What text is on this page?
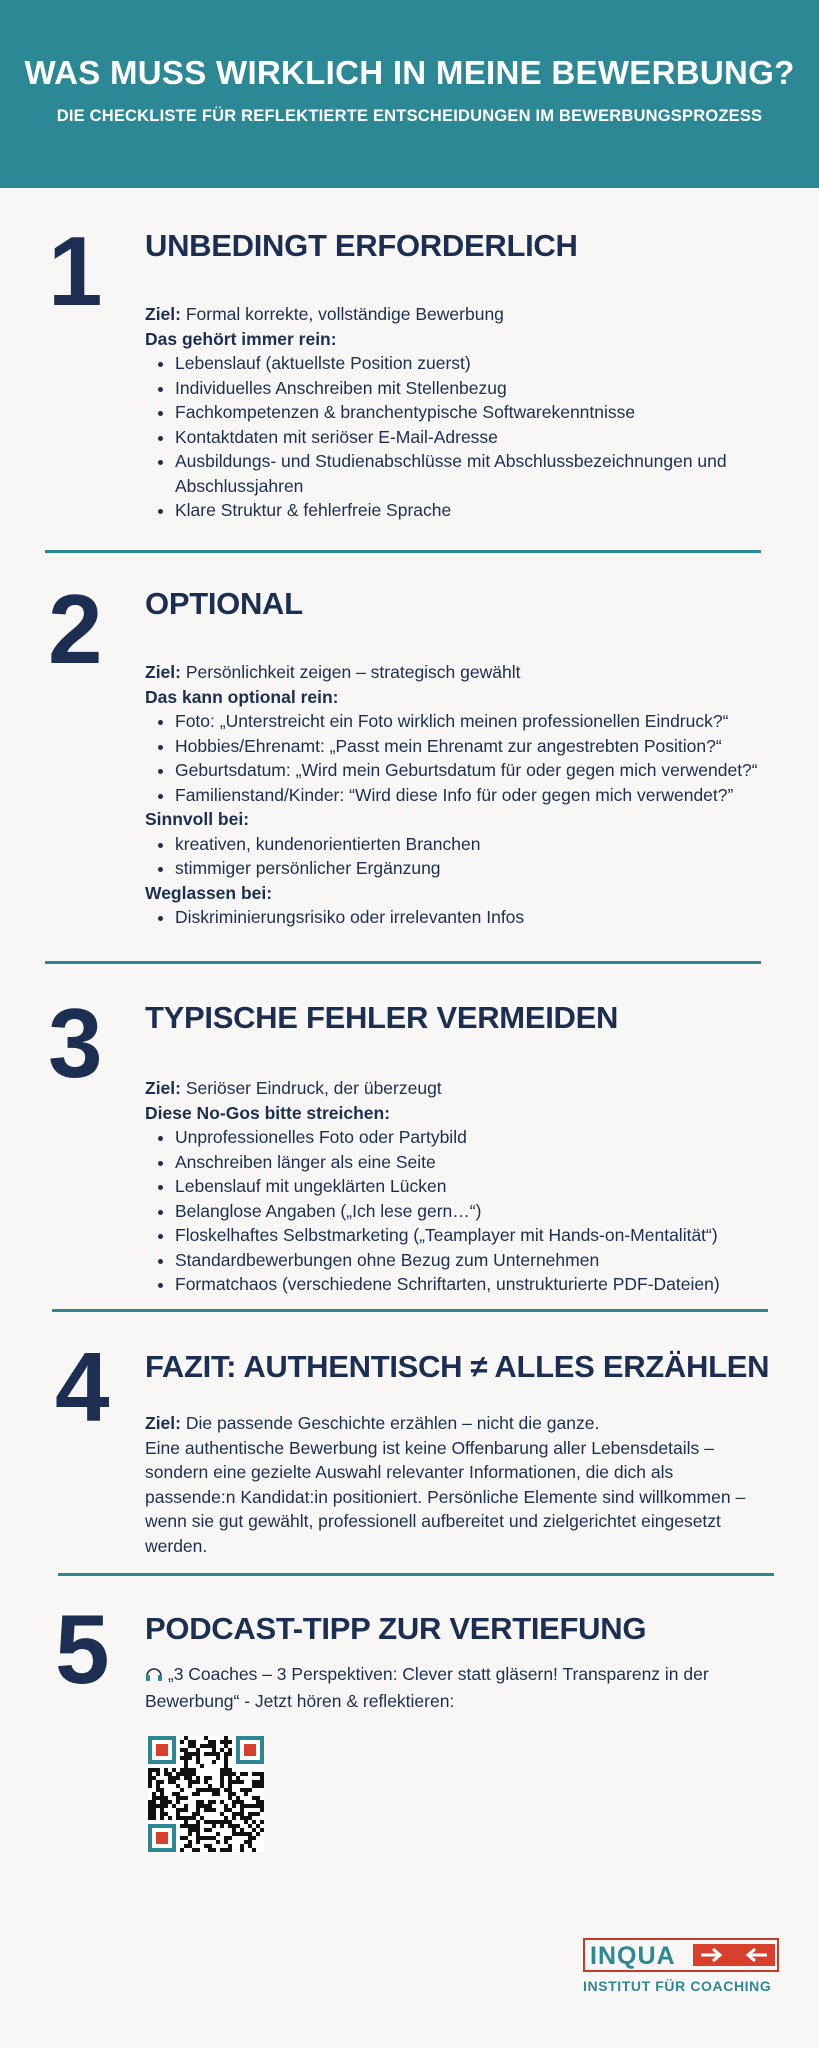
WAS MUSS WIRKLICH IN MEINE BEWERBUNG?
DIE CHECKLISTE FÜR REFLEKTIERTE ENTSCHEIDUNGEN IM BEWERBUNGSPROZESS
1 UNBEDINGT ERFORDERLICH
Ziel: Formal korrekte, vollständige Bewerbung
Das gehört immer rein:
• Lebenslauf (aktuellste Position zuerst)
• Individuelles Anschreiben mit Stellenbezug
• Fachkompetenzen & branchentypische Softwarekenntnisse
• Kontaktdaten mit seriöser E-Mail-Adresse
• Ausbildungs- und Studienabschlüsse mit Abschlussbezeichnungen und Abschlussjahren
• Klare Struktur & fehlerfreie Sprache
2 OPTIONAL
Ziel: Persönlichkeit zeigen – strategisch gewählt
Das kann optional rein:
• Foto: „Unterstreicht ein Foto wirklich meinen professionellen Eindruck?“
• Hobbies/Ehrenamt: „Passt mein Ehrenamt zur angestrebten Position?“
• Geburtsdatum: „Wird mein Geburtsdatum für oder gegen mich verwendet?“
• Familienstand/Kinder: “Wird diese Info für oder gegen mich verwendet?”
Sinnvoll bei:
• kreativen, kundenorientierten Branchen
• stimmiger persönlicher Ergänzung
Weglassen bei:
• Diskriminierungsrisiko oder irrelevanten Infos
3 TYPISCHE FEHLER VERMEIDEN
Ziel: Seriöser Eindruck, der überzeugt
Diese No-Gos bitte streichen:
• Unprofessionelles Foto oder Partybild
• Anschreiben länger als eine Seite
• Lebenslauf mit ungeklärten Lücken
• Belanglose Angaben („Ich lese gern…“)
• Floskelhaftes Selbstmarketing („Teamplayer mit Hands-on-Mentalität“)
• Standardbewerbungen ohne Bezug zum Unternehmen
• Formatchaos (verschiedene Schriftarten, unstrukturierte PDF-Dateien)
4 FAZIT: AUTHENTISCH ≠ ALLES ERZÄHLEN
Ziel: Die passende Geschichte erzählen – nicht die ganze.

Eine authentische Bewerbung ist keine Offenbarung aller Lebensdetails – sondern eine gezielte Auswahl relevanter Informationen, die dich als passende:n Kandidat:in positioniert. Persönliche Elemente sind willkommen – wenn sie gut gewählt, professionell aufbereitet und zielgerichtet eingesetzt werden.

5 PODCAST-TIPP ZUR VERTIEFUNG
„3 Coaches – 3 Perspektiven: Clever statt gläsern! Transparenz in der Bewerbung“ - Jetzt hören & reflektieren:
INQUA
INSTITUT FÜR COACHING
